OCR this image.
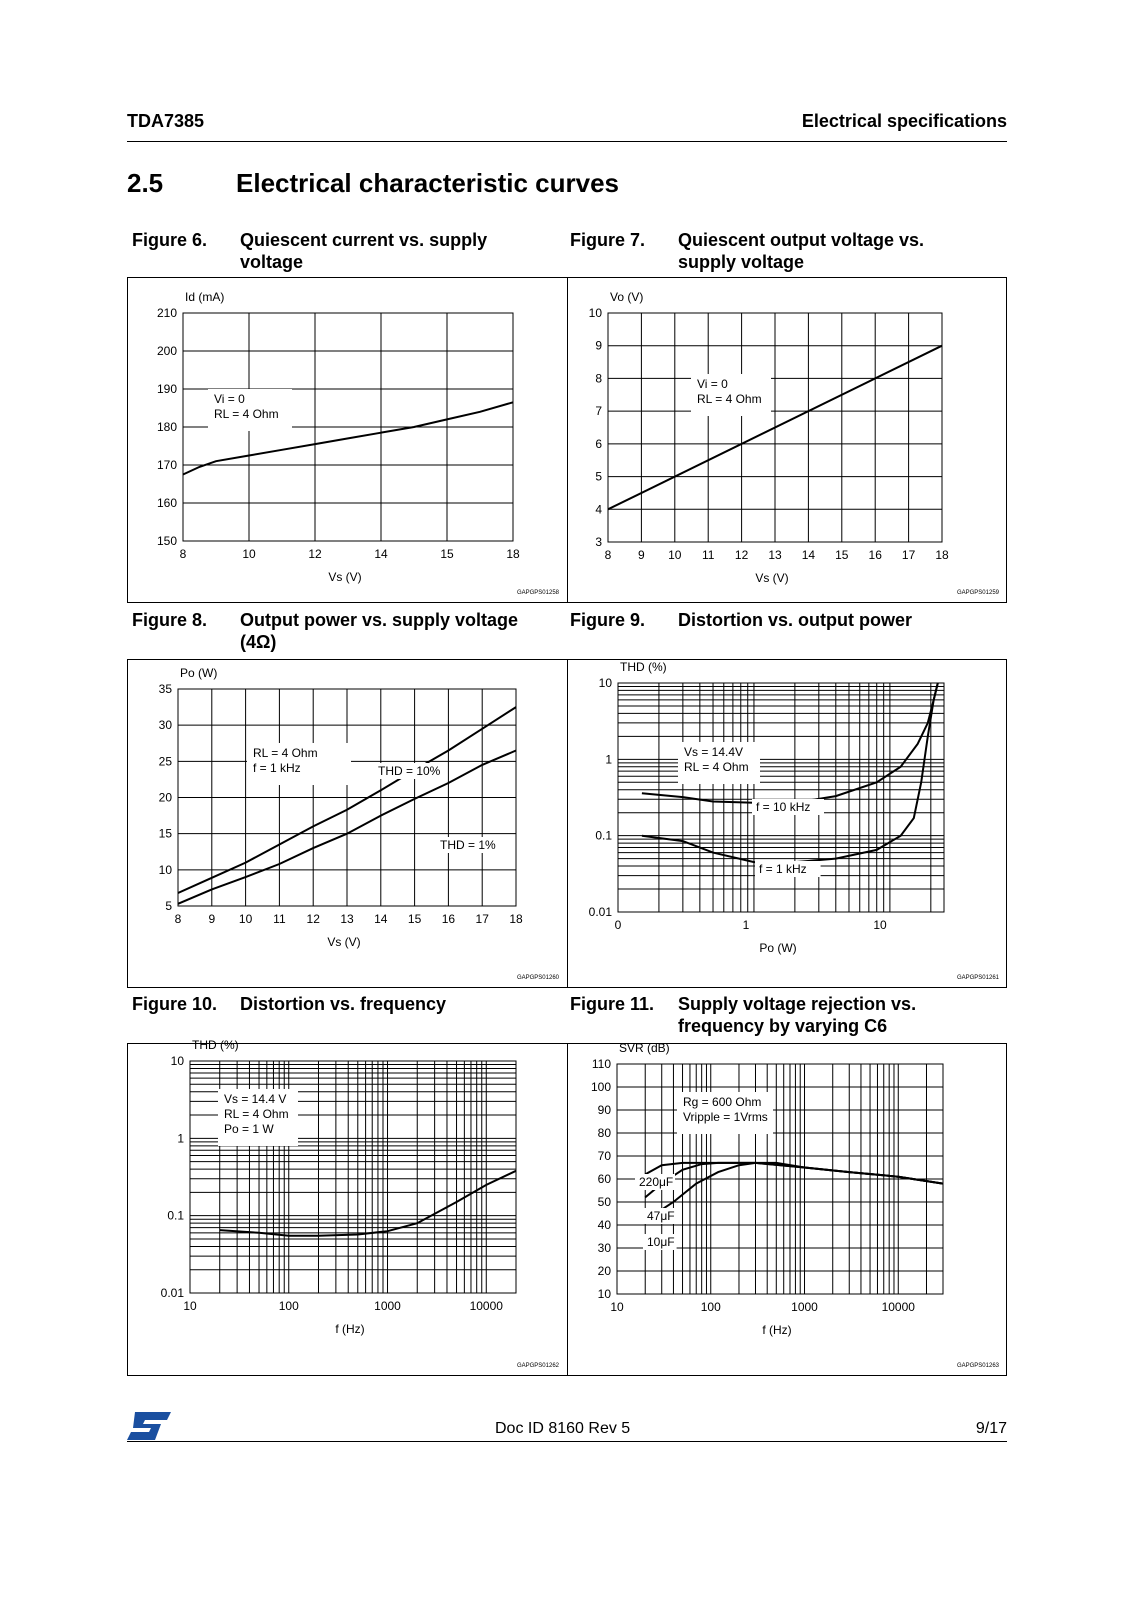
TDA7385	Electrical specifications
2.5	Electrical characteristic curves
Figure 6. Quiescent current vs. supply voltage
Figure 7. Quiescent output voltage vs. supply voltage
Figure 8. Output power vs. supply voltage (4Ω)
Figure 9. Distortion vs. output power
Figure 10. Distortion vs. frequency	Figure 11. Supply voltage rejection vs. frequency by varying C6
Vi = 0
RL = 4 Ohm
150
160
170
180
190
200
210
8	10	12	14	15	18
Id (mA)
Vs (V)
GAPGPS01258
Vi = 0
RL = 4 Ohm
3
4
5
6
7
8
9
10
8 9 10 11 12 13 14 15 16 17 18
Vo (V)
Vs (V)
GAPGPS01259
RL = 4 Ohm
f = 1 kHz	THD = 10%
THD = 1%
5
10
15
20
25
30
35
8 9 10 11 12 13 14 15 16 17 18
Po (W)
Vs (V)
GAPGPS01260
Vs = 14.4V
RL = 4 Ohm
f = 10 kHz
f = 1 kHz
0.01
0.1
1
10
0	1	10
THD (%)
Po (W)
GAPGPS01261
Vs = 14.4 V
RL = 4 Ohm
Po = 1 W
0.01
0.1
1
10
10	100	1000	10000
THD (%)
f (Hz)
GAPGPS01262
Rg = 600 Ohm
Vripple = 1Vrms
220μF
47μF
10μF
10
20
30
40
50
60
70
80
90
100
110
10	100	1000	10000
SVR (dB)
f (Hz)
GAPGPS01263
Doc ID 8160 Rev 5	9/17
